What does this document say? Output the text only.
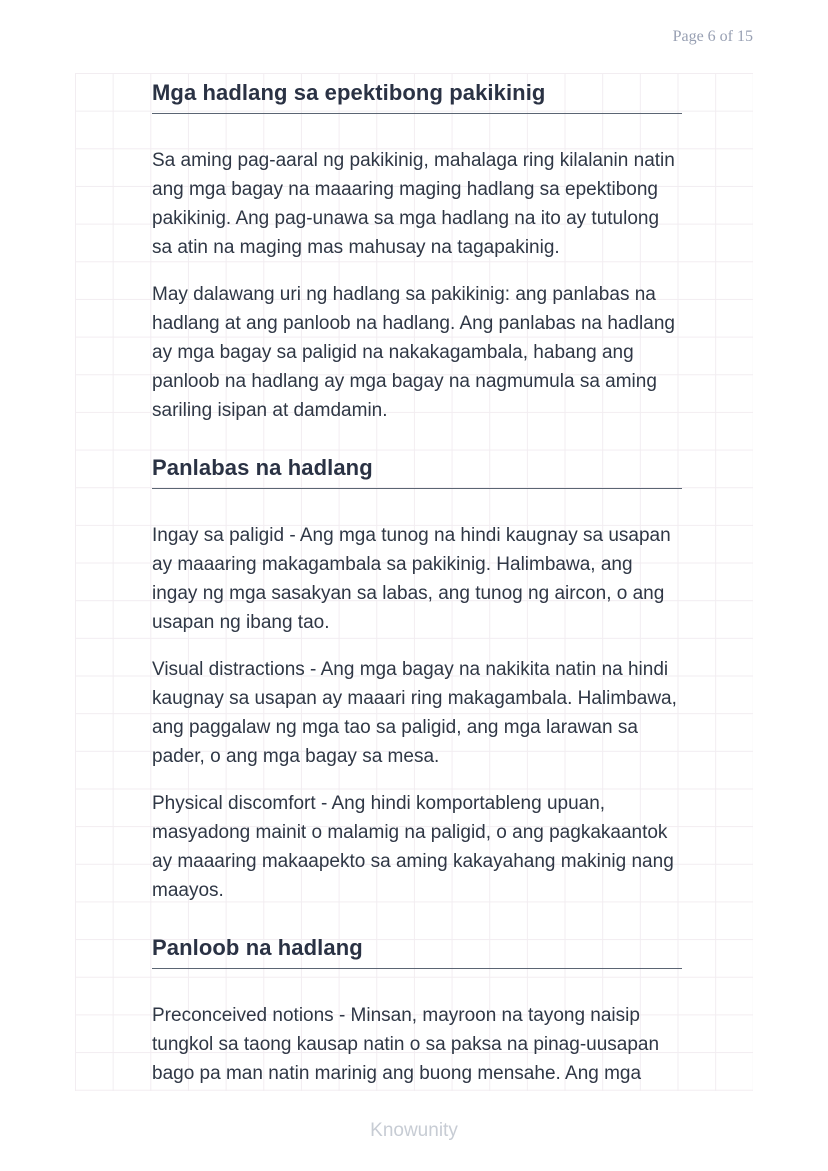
Page 6 of 15
Mga hadlang sa epektibong pakikinig

Sa aming pag-aaral ng pakikinig, mahalaga ring kilalanin natin ang mga bagay na maaaring maging hadlang sa epektibong pakikinig. Ang pag-unawa sa mga hadlang na ito ay tutulong sa atin na maging mas mahusay na tagapakinig.

May dalawang uri ng hadlang sa pakikinig: ang panlabas na hadlang at ang panloob na hadlang. Ang panlabas na hadlang ay mga bagay sa paligid na nakakagambala, habang ang panloob na hadlang ay mga bagay na nagmumula sa aming sariling isipan at damdamin.

Panlabas na hadlang

Ingay sa paligid - Ang mga tunog na hindi kaugnay sa usapan ay maaaring makagambala sa pakikinig. Halimbawa, ang ingay ng mga sasakyan sa labas, ang tunog ng aircon, o ang usapan ng ibang tao.

Visual distractions - Ang mga bagay na nakikita natin na hindi kaugnay sa usapan ay maaari ring makagambala. Halimbawa, ang paggalaw ng mga tao sa paligid, ang mga larawan sa pader, o ang mga bagay sa mesa.

Physical discomfort - Ang hindi komportableng upuan, masyadong mainit o malamig na paligid, o ang pagkakaantok ay maaaring makaapekto sa aming kakayahang makinig nang maayos.

Panloob na hadlang

Preconceived notions - Minsan, mayroon na tayong naisip tungkol sa taong kausap natin o sa paksa na pinag-uusapan bago pa man natin marinig ang buong mensahe. Ang mga

Knowunity
